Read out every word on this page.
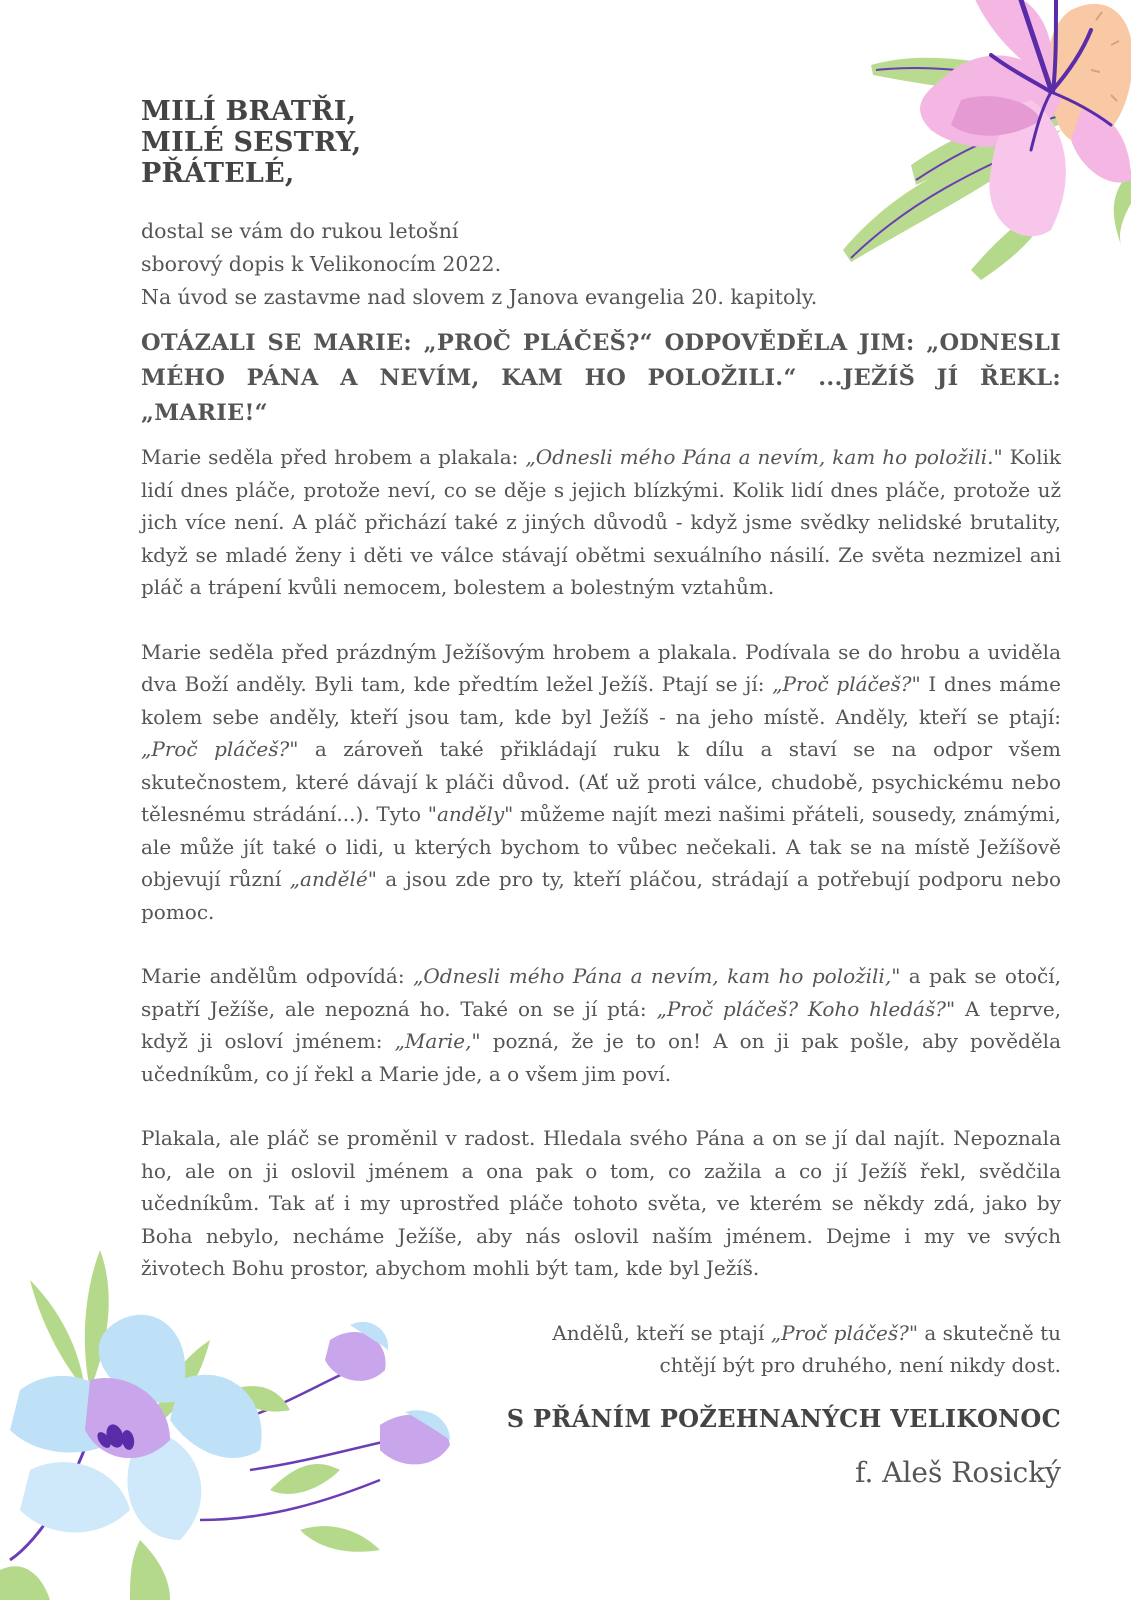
MILÍ BRATŘI,
MILÉ SESTRY,
PŘÁTELÉ,
dostal se vám do rukou letošní
sborový dopis k Velikonocím 2022.
Na úvod se zastavme nad slovem z Janova evangelia 20. kapitoly.
OTÁZALI SE MARIE: „PROČ PLÁČEŠ?“ ODPOVĚDĚLA JIM: „ODNESLI MÉHO PÁNA A NEVÍM, KAM HO POLOŽILI.“ ...JEŽÍŠ JÍ ŘEKL: „MARIE!“

Marie seděla před hrobem a plakala: „Odnesli mého Pána a nevím, kam ho položili." Kolik lidí dnes pláče, protože neví, co se děje s jejich blízkými. Kolik lidí dnes pláče, protože už jich více není. A pláč přichází také z jiných důvodů - když jsme svědky nelidské brutality, když se mladé ženy i děti ve válce stávají obětmi sexuálního násilí. Ze světa nezmizel ani pláč a trápení kvůli nemocem, bolestem a bolestným vztahům.

Marie seděla před prázdným Ježíšovým hrobem a plakala. Podívala se do hrobu a uviděla dva Boží anděly. Byli tam, kde předtím ležel Ježíš. Ptají se jí: „Proč pláčeš?" I dnes máme kolem sebe anděly, kteří jsou tam, kde byl Ježíš - na jeho místě. Anděly, kteří se ptají: „Proč pláčeš?" a zároveň také přikládají ruku k dílu a staví se na odpor všem skutečnostem, které dávají k pláči důvod. (Ať už proti válce, chudobě, psychickému nebo tělesnému strádání...). Tyto "anděly" můžeme najít mezi našimi přáteli, sousedy, známými, ale může jít také o lidi, u kterých bychom to vůbec nečekali. A tak se na místě Ježíšově objevují různí „andělé" a jsou zde pro ty, kteří pláčou, strádají a potřebují podporu nebo pomoc.

Marie andělům odpovídá: „Odnesli mého Pána a nevím, kam ho položili," a pak se otočí, spatří Ježíše, ale nepozná ho. Také on se jí ptá: „Proč pláčeš? Koho hledáš?" A teprve, když ji osloví jménem: „Marie," pozná, že je to on! A on ji pak pošle, aby pověděla učedníkům, co jí řekl a Marie jde, a o všem jim poví.

Plakala, ale pláč se proměnil v radost. Hledala svého Pána a on se jí dal najít. Nepoznala ho, ale on ji oslovil jménem a ona pak o tom, co zažila a co jí Ježíš řekl, svědčila učedníkům. Tak ať i my uprostřed pláče tohoto světa, ve kterém se někdy zdá, jako by Boha nebylo, necháme Ježíše, aby nás oslovil naším jménem. Dejme i my ve svých životech Bohu prostor, abychom mohli být tam, kde byl Ježíš.

Andělů, kteří se ptají „Proč pláčeš?" a skutečně tu
chtějí být pro druhého, není nikdy dost.
S PŘÁNÍM POŽEHNANÝCH VELIKONOC
f. Aleš Rosický
